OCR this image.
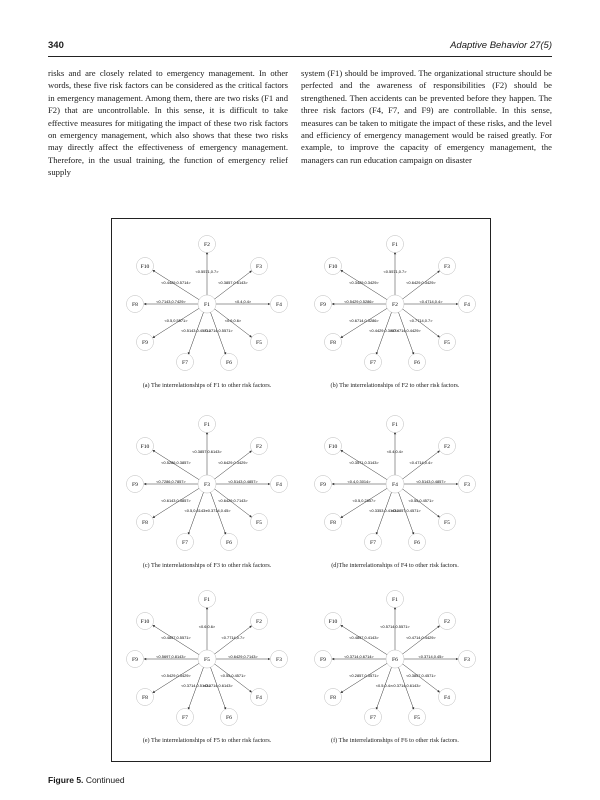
340	Adaptive Behavior 27(5)

risks and are closely related to emergency management. In other words, these five risk factors can be considered as the critical factors in emergency management. Among them, there are two risks (F1 and F2) that are uncontrollable. In this sense, it is difficult to take effective measures for mitigating the impact of these two risk factors on emergency management, which also shows that these two risks may directly affect the effectiveness of emergency management. Therefore, in the usual training, the function of emergency relief supply

system (F1) should be improved. The organizational structure should be perfected and the awareness of responsibilities (F2) should be strengthened. Then accidents can be prevented before they happen. The three risk factors (F4, F7, and F9) are controllable. In this sense, measures can be taken to mitigate the impact of these risks, and the level and efficiency of emergency management would be raised greatly. For example, to improve the capacity of emergency management, the managers can run education campaign on disaster

<0.5571,0.7>
F2
<0.3857,0.6143>
F3
<0.4,0.4>
F4
<0.6,0.6>
F5
<0.3714,0.5571>
F6
<0.5143,0.4571>
F7
<0.5,0.5571>
F9
<0.7143,0.7429>
F8
<0.4429,0.5714>
F10
F1
(a) The interrelationships of F1 to other risk factors.
<0.5571,0.7>
F1
<0.6429,0.3429>
F3
<0.4714,0.4>
F4
<0.7714,0.7>
F5
<0.4714,0.4429>
F6
<0.4429,0.3857>
F7
<0.6714,0.3286>
F8
<0.5429,0.5286>
F9
<0.3429,0.3429>
F10
F2
(b) The interrelationships of F2 to other risk factors.
<0.3857,0.6143>
F1
<0.6429,0.3429>
F2
<0.5143,0.4857>
F4
<0.6429,0.7143>
F5
<0.3714,0.45>
F6
<0.5,0.4143>
F7
<0.6143,0.3857>
F8
<0.7286,0.7857>
F9
<0.5286,0.3857>
F10
F3
(c) The interrelationships of F3 to other risk factors.
<0.4,0.4>
F1
<0.4714,0.4>
F2
<0.5143,0.4857>
F3
<0.55,0.4571>
F5
<0.3857,0.4571>
F6
<0.3353,0.4143>
F7
<0.5,0.2857>
F8
<0.4,0.3014>
F9
<0.3571,0.3143>
F10
F4
(d)The interrelationships of F4 to other risk factors.
<0.6,0.6>
F1
<0.7714,0.7>
F2
<0.6429,0.7143>
F3
<0.55,0.4571>
F4
<0.3714,0.6143>
F6
<0.3714,0.5143>
F7
<0.5429,0.3429>
F8
<0.5697,0.8143>
F9
<0.4857,0.5571>
F10
F5
(e) The interrelationships of F5 to other risk factors.
<0.5714,0.5571>
F1
<0.4714,0.4429>
F2
<0.3714,0.45>
F3
<0.3857,0.4571>
F4
<0.3714,0.6143>
F5
<0.5,0.4>
F7
<0.2857,0.3571>
F8
<0.3714,0.6714>
F9
<0.4857,0.4143>
F10
F6
(f) The interrelationships of F6 to other risk factors.
Figure 5. Continued
